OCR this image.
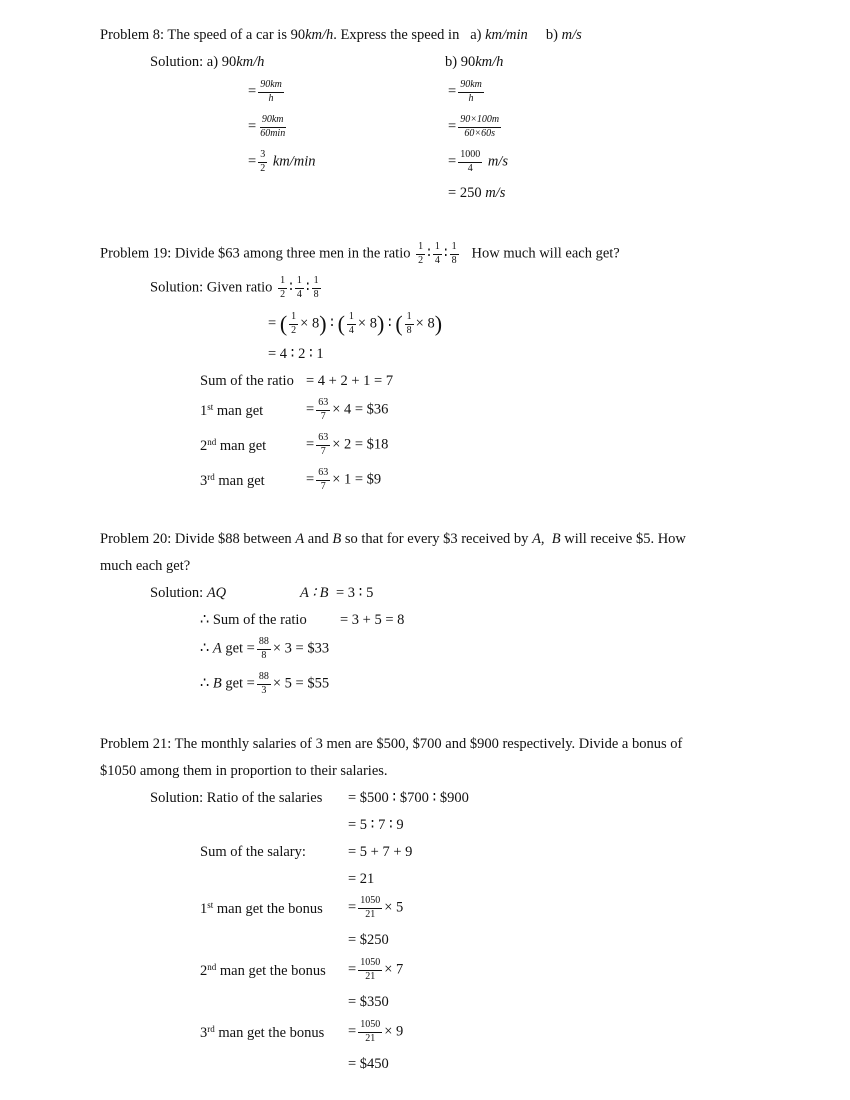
Problem 8: The speed of a car is 90km/h. Express the speed in a) km/min b) m/s
Solution: a) 90km/h
= $\frac{90km}{h}$
= $\frac{90km}{60\min}$
= $\frac{3}{2} km/\min$
b) 90km/h
= $\frac{90km}{h}$
= $\frac{90\times 100m}{60\times 60s}$
= $\frac{1000}{4} m/s$
= 250 m/s
Problem 19: Divide $63 among three men in the ratio $\frac{1}{2}$ ∶ $\frac{1}{4}$ ∶ $\frac{1}{8}$ How much will each get?
Solution: Given ratio $\frac{1}{2}$ ∶ $\frac{1}{4}$ ∶ $\frac{1}{8}$
= ( $\frac{1}{2} \times 8$) ∶ ( $\frac{1}{4} \times 8$) ∶ ( $\frac{1}{8} \times 8$)
= 4 ∶ 2 ∶ 1
Sum of the ratio = 4 + 2 + 1 = 7
1st man get	= $\frac{63}{7} \times 4$ = $36
2nd man get	= $\frac{63}{7} \times 2$ = $18
3rd man get	= $\frac{63}{7} \times 1$ = $9
Problem 20: Divide $88 between A and B so that for every $3 received by A, B will receive $5. How
much each get?
Solution: AQ	A ∶ B = 3 ∶ 5
∴ Sum of the ratio = 3 + 5 = 8
∴ A get = $\frac{88}{8} \times 3$ = $33
∴ B get = $\frac{88}{3} \times 5$ = $55
Problem 21: The monthly salaries of 3 men are $500, $700 and $900 respectively. Divide a bonus of
$1050 among them in proportion to their salaries.
Solution: Ratio of the salaries = $500 ∶ $700 ∶ $900
= 5 ∶ 7 ∶ 9
Sum of the salary:	= 5 + 7 + 9
= 21
1st man get the bonus = $\frac{1050}{21} \times 5$
= $250
2nd man get the bonus = $\frac{1050}{21} \times 7$
= $350
3rd man get the bonus = $\frac{1050}{21} \times 9$
= $450
